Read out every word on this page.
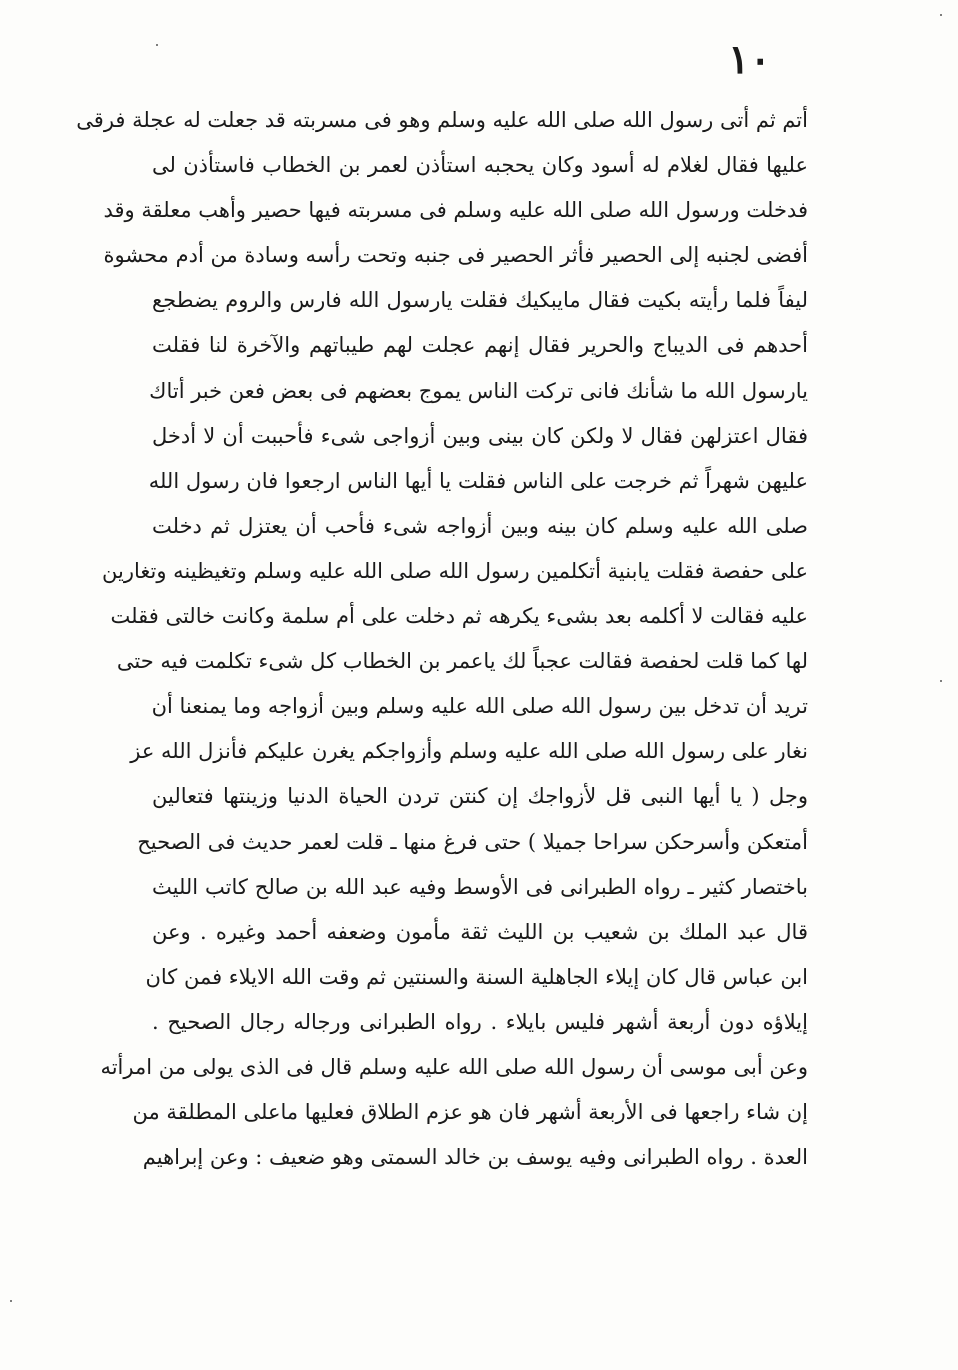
١٠
أتم ثم أتى رسول الله صلى الله عليه وسلم وهو فى مسربته قد جعلت له عجلة فرقى
عليها فقال لغلام له أسود وكان يحجبه استأذن لعمر بن الخطاب فاستأذن لى
فدخلت ورسول الله صلى الله عليه وسلم فى مسربته فيها حصير وأهب معلقة وقد
أفضى لجنبه إلى الحصير فأثر الحصير فى جنبه وتحت رأسه وسادة من أدم محشوة
ليفاً فلما رأيته بكيت فقال مايبكيك فقلت يارسول الله فارس والروم يضطجع
أحدهم فى الديباج والحرير فقال إنهم عجلت لهم طيباتهم والآخرة لنا فقلت
يارسول الله ما شأنك فانى تركت الناس يموج بعضهم فى بعض فعن خبر أتاك
فقال اعتزلهن فقال لا ولكن كان بينى وبين أزواجى شىء فأحببت أن لا أدخل
عليهن شهراً ثم خرجت على الناس فقلت يا أيها الناس ارجعوا فان رسول الله
صلى الله عليه وسلم كان بينه وبين أزواجه شىء فأحب أن يعتزل ثم دخلت
على حفصة فقلت يابنية أتكلمين رسول الله صلى الله عليه وسلم وتغيظينه وتغارين
عليه فقالت لا أكلمه بعد بشىء يكرهه ثم دخلت على أم سلمة وكانت خالتى فقلت
لها كما قلت لحفصة فقالت عجباً لك ياعمر بن الخطاب كل شىء تكلمت فيه حتى
تريد أن تدخل بين رسول الله صلى الله عليه وسلم وبين أزواجه وما يمنعنا أن
نغار على رسول الله صلى الله عليه وسلم وأزواجكم يغرن عليكم فأنزل الله عز
وجل ( يا أيها النبى قل لأزواجك إن كنتن تردن الحياة الدنيا وزينتها فتعالين
أمتعكن وأسرحكن سراحا جميلا ) حتى فرغ منها ـ قلت لعمر حديث فى الصحيح
باختصار كثير ـ رواه الطبرانى فى الأوسط وفيه عبد الله بن صالح كاتب الليث
قال عبد الملك بن شعيب بن الليث ثقة مأمون وضعفه أحمد وغيره . وعن
ابن عباس قال كان إيلاء الجاهلية السنة والسنتين ثم وقت الله الايلاء فمن كان
إيلاؤه دون أربعة أشهر فليس بايلاء . رواه الطبرانى ورجاله رجال الصحيح .
وعن أبى موسى أن رسول الله صلى الله عليه وسلم قال فى الذى يولى من امرأته
إن شاء راجعها فى الأربعة أشهر فان هو عزم الطلاق فعليها ماعلى المطلقة من
العدة . رواه الطبرانى وفيه يوسف بن خالد السمتى وهو ضعيف : وعن إبراهيم
